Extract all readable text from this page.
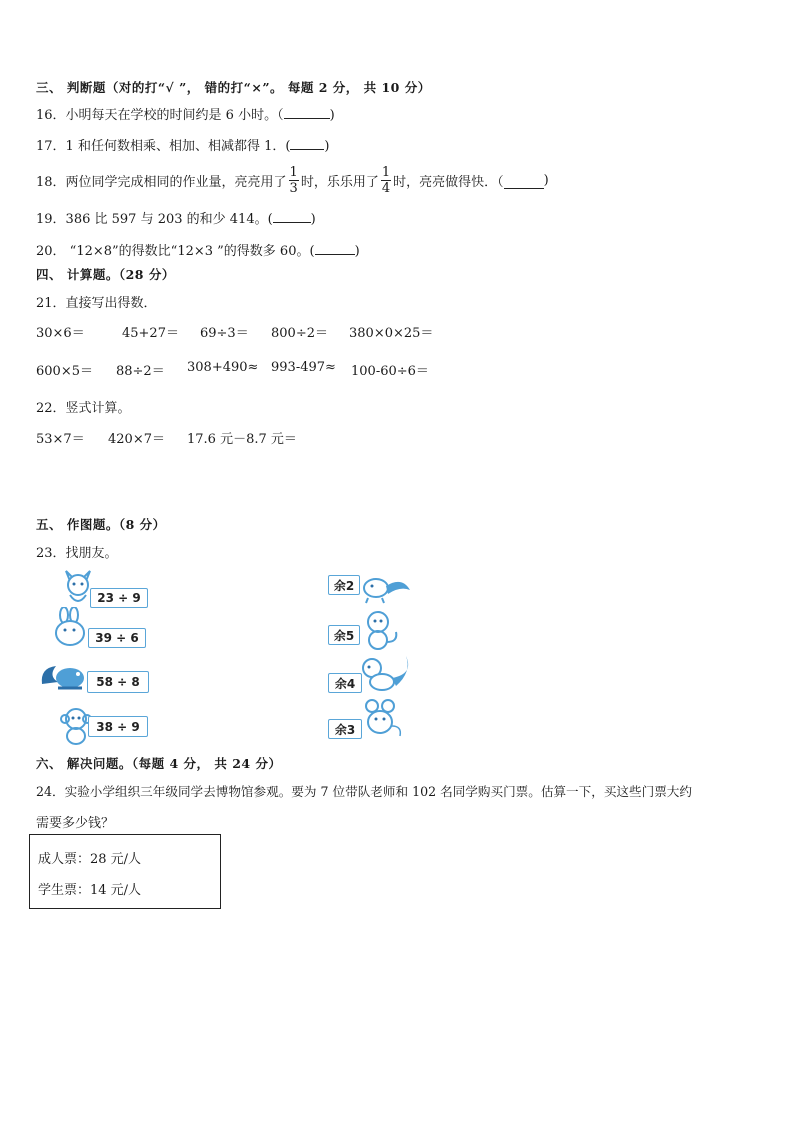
三、 判断题（对的打“√ ”， 错的打“×”。 每题 2 分， 共 10 分）
16．小明每天在学校的时间约是 6 小时。（	)
17．1 和任何数相乘、相加、相减都得 1．(	)
18．两位同学完成相同的作业量，亮亮用了 $\frac{1}{3}$ 时，乐乐用了 $\frac{1}{4}$ 时，亮亮做得快．（	)
19．386 比 597 与 203 的和少 414。(	)
20． “12×8”的得数比“12×3 ”的得数多 60。(	)
四、 计算题。（28 分）
21．直接写出得数．
30×6＝	45+27＝ 69÷3＝ 800÷2＝ 380×0×25＝
600×5＝ 88÷2＝ 308+490≈ 993-497≈ 100-60÷6＝
22．竖式计算。
53×7＝ 420×7＝ 17.6 元－8.7 元＝
五、 作图题。（8 分）
23．找朋友。
23 ÷ 9
39 ÷ 6
58 ÷ 8
38 ÷ 9
余2
余5
余4
余3
六、 解决问题。（每题 4 分， 共 24 分）
24．实验小学组织三年级同学去博物馆参观。要为 7 位带队老师和 102 名同学购买门票。估算一下，买这些门票大约
需要多少钱？
成人票：28 元/人
学生票：14 元/人
